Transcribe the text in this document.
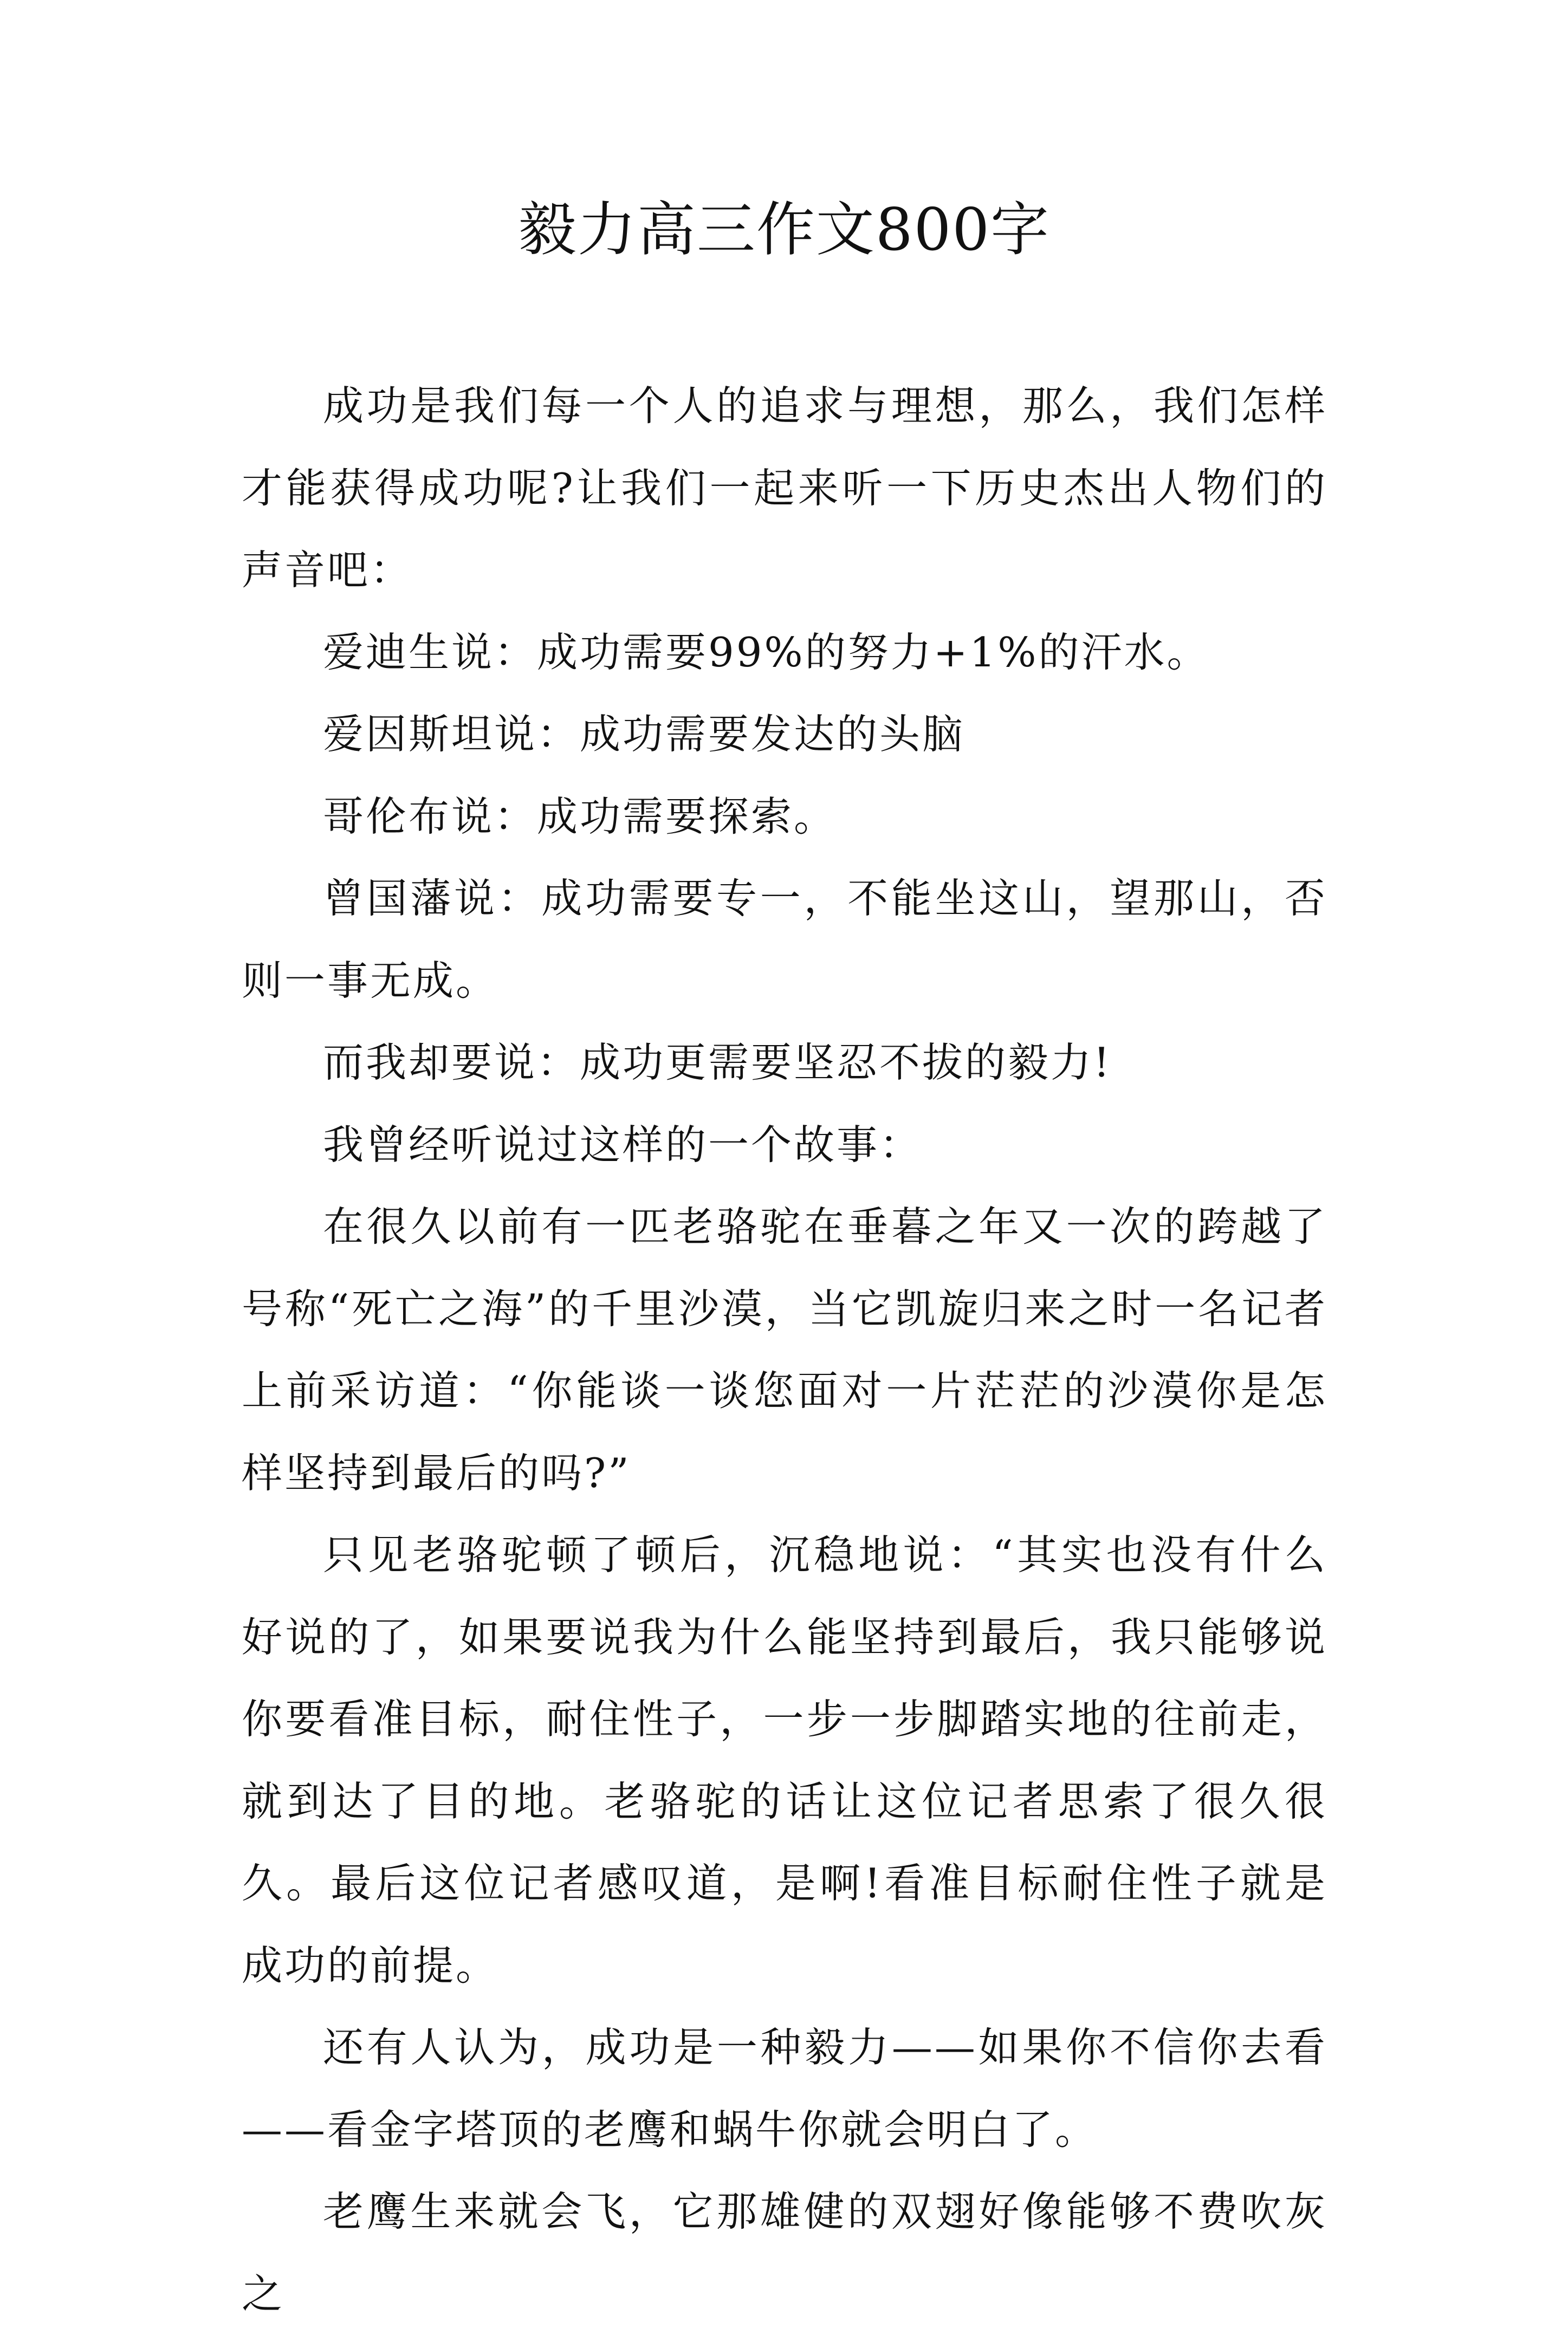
毅力高三作文800字

成功是我们每一个人的追求与理想，那么，我们怎样才能获得成功呢?让我们一起来听一下历史杰出人物们的声音吧：

爱迪生说：成功需要99%的努力+1%的汗水。

爱因斯坦说：成功需要发达的头脑

哥伦布说：成功需要探索。

曾国藩说：成功需要专一，不能坐这山，望那山，否则一事无成。

而我却要说：成功更需要坚忍不拔的毅力!

我曾经听说过这样的一个故事：

在很久以前有一匹老骆驼在垂暮之年又一次的跨越了号称“死亡之海”的千里沙漠，当它凯旋归来之时一名记者上前采访道：“你能谈一谈您面对一片茫茫的沙漠你是怎样坚持到最后的吗?”

只见老骆驼顿了顿后，沉稳地说：“其实也没有什么好说的了，如果要说我为什么能坚持到最后，我只能够说你要看准目标，耐住性子，一步一步脚踏实地的往前走，就到达了目的地。老骆驼的话让这位记者思索了很久很久。最后这位记者感叹道，是啊!看准目标耐住性子就是成功的前提。

还有人认为，成功是一种毅力——如果你不信你去看——看金字塔顶的老鹰和蜗牛你就会明白了。

老鹰生来就会飞，它那雄健的双翅好像能够不费吹灰之
